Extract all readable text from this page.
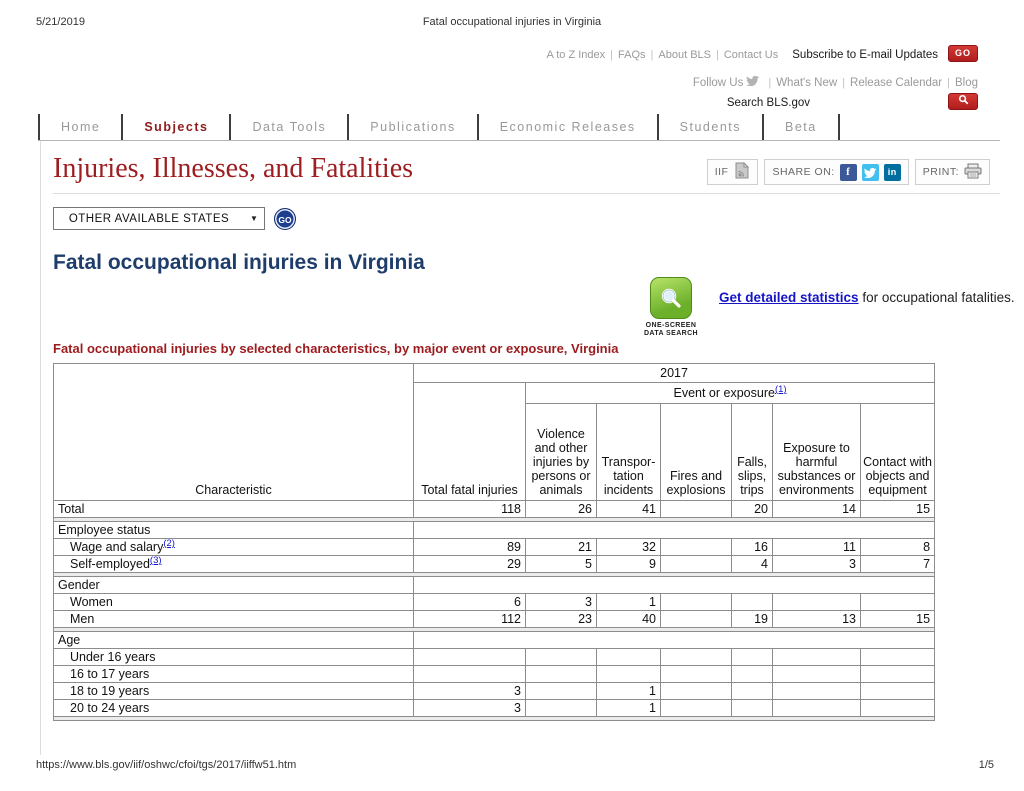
5/21/2019	Fatal occupational injuries in Virginia
A to Z Index | FAQs | About BLS | Contact Us Subscribe to E-mail Updates GO
Follow Us | What's New | Release Calendar | Blog
Search BLS.gov
Home	Subjects	Data Tools	Publications	Economic Releases	Students	Beta
Injuries, Illnesses, and Fatalities	IIF	SHARE ON:	f	in	PRINT:
OTHER AVAILABLE STATES	▼	GO
Fatal occupational injuries in Virginia
ONE-SCREEN
DATA SEARCH
Get detailed statistics for occupational fatalities.
Fatal occupational injuries by selected characteristics, by major event or exposure, Virginia
Characteristic	2017						
	Total fatal injuries	Event or exposure$^{(1)}$
		Violence and other injuries by persons or animals	Transpor-tation incidents	Fires and explosions	Falls, slips, trips	Exposure to harmful substances or environments	Contact with objects and equipment
Total	118	26	41		20	14	15

Employee status							
Wage and salary$^{(2)}$	89	21	32		16	11	8
Self-employed$^{(3)}$	29	5	9		4	3	7

Gender							
Women	6	3	1				
Men	112	23	40		19	13	15

Age							
Under 16 years							
16 to 17 years							
18 to 19 years	3		1				
20 to 24 years	3		1				

https://www.bls.gov/iif/oshwc/cfoi/tgs/2017/iiffw51.htm	1/5
